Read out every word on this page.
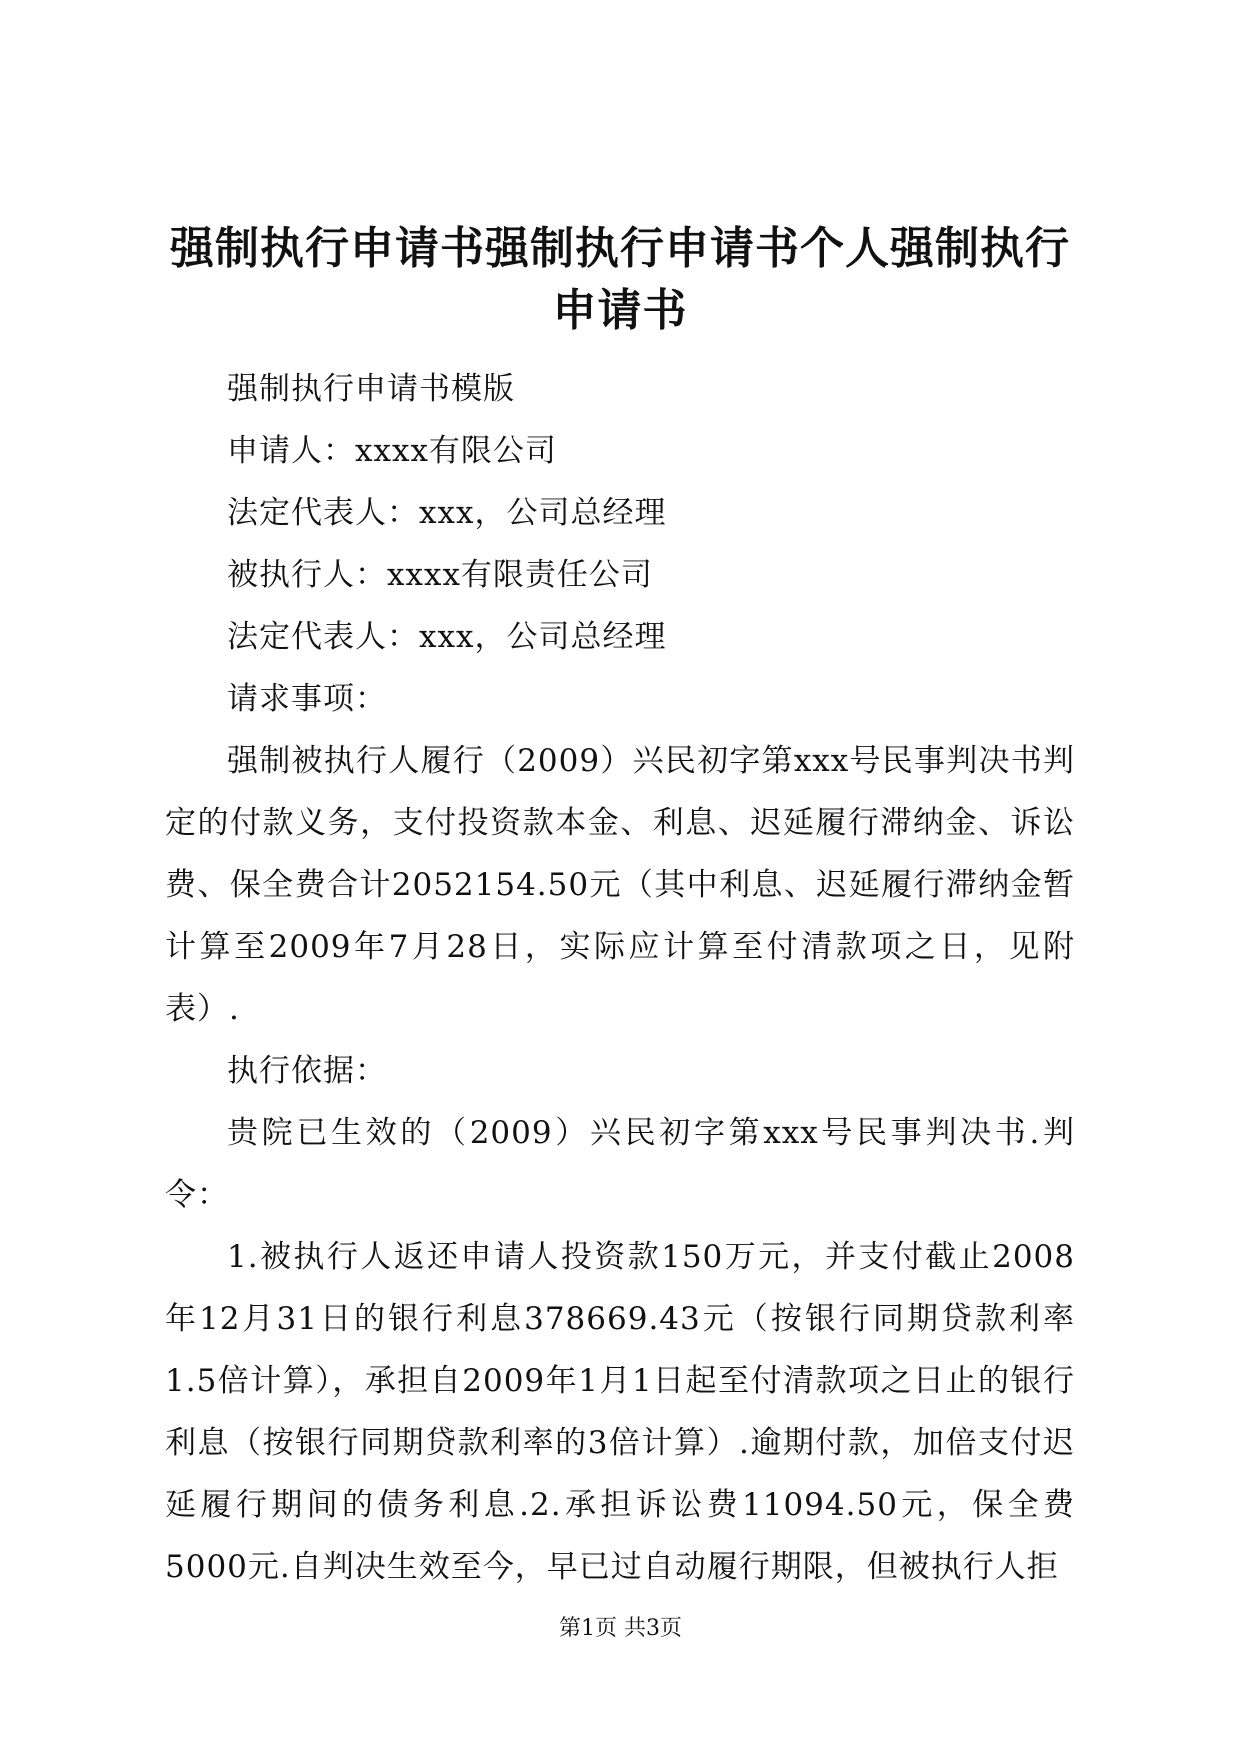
强制执行申请书强制执行申请书个人强制执行申请书

强制执行申请书模版

申请人：xxxx有限公司

法定代表人：xxx，公司总经理

被执行人：xxxx有限责任公司

法定代表人：xxx，公司总经理

请求事项：

强制被执行人履行（2009）兴民初字第xxx号民事判决书判定的付款义务，支付投资款本金、利息、迟延履行滞纳金、诉讼费、保全费合计2052154.50元（其中利息、迟延履行滞纳金暂计算至2009年7月28日，实际应计算至付清款项之日，见附表）.

执行依据：

贵院已生效的（2009）兴民初字第xxx号民事判决书.判令：

1.被执行人返还申请人投资款150万元，并支付截止2008年12月31日的银行利息378669.43元（按银行同期贷款利率1.5倍计算），承担自2009年1月1日起至付清款项之日止的银行利息（按银行同期贷款利率的3倍计算）.逾期付款，加倍支付迟延履行期间的债务利息.2.承担诉讼费11094.50元，保全费5000元.自判决生效至今，早已过自动履行期限，但被执行人拒

第1页 共3页
